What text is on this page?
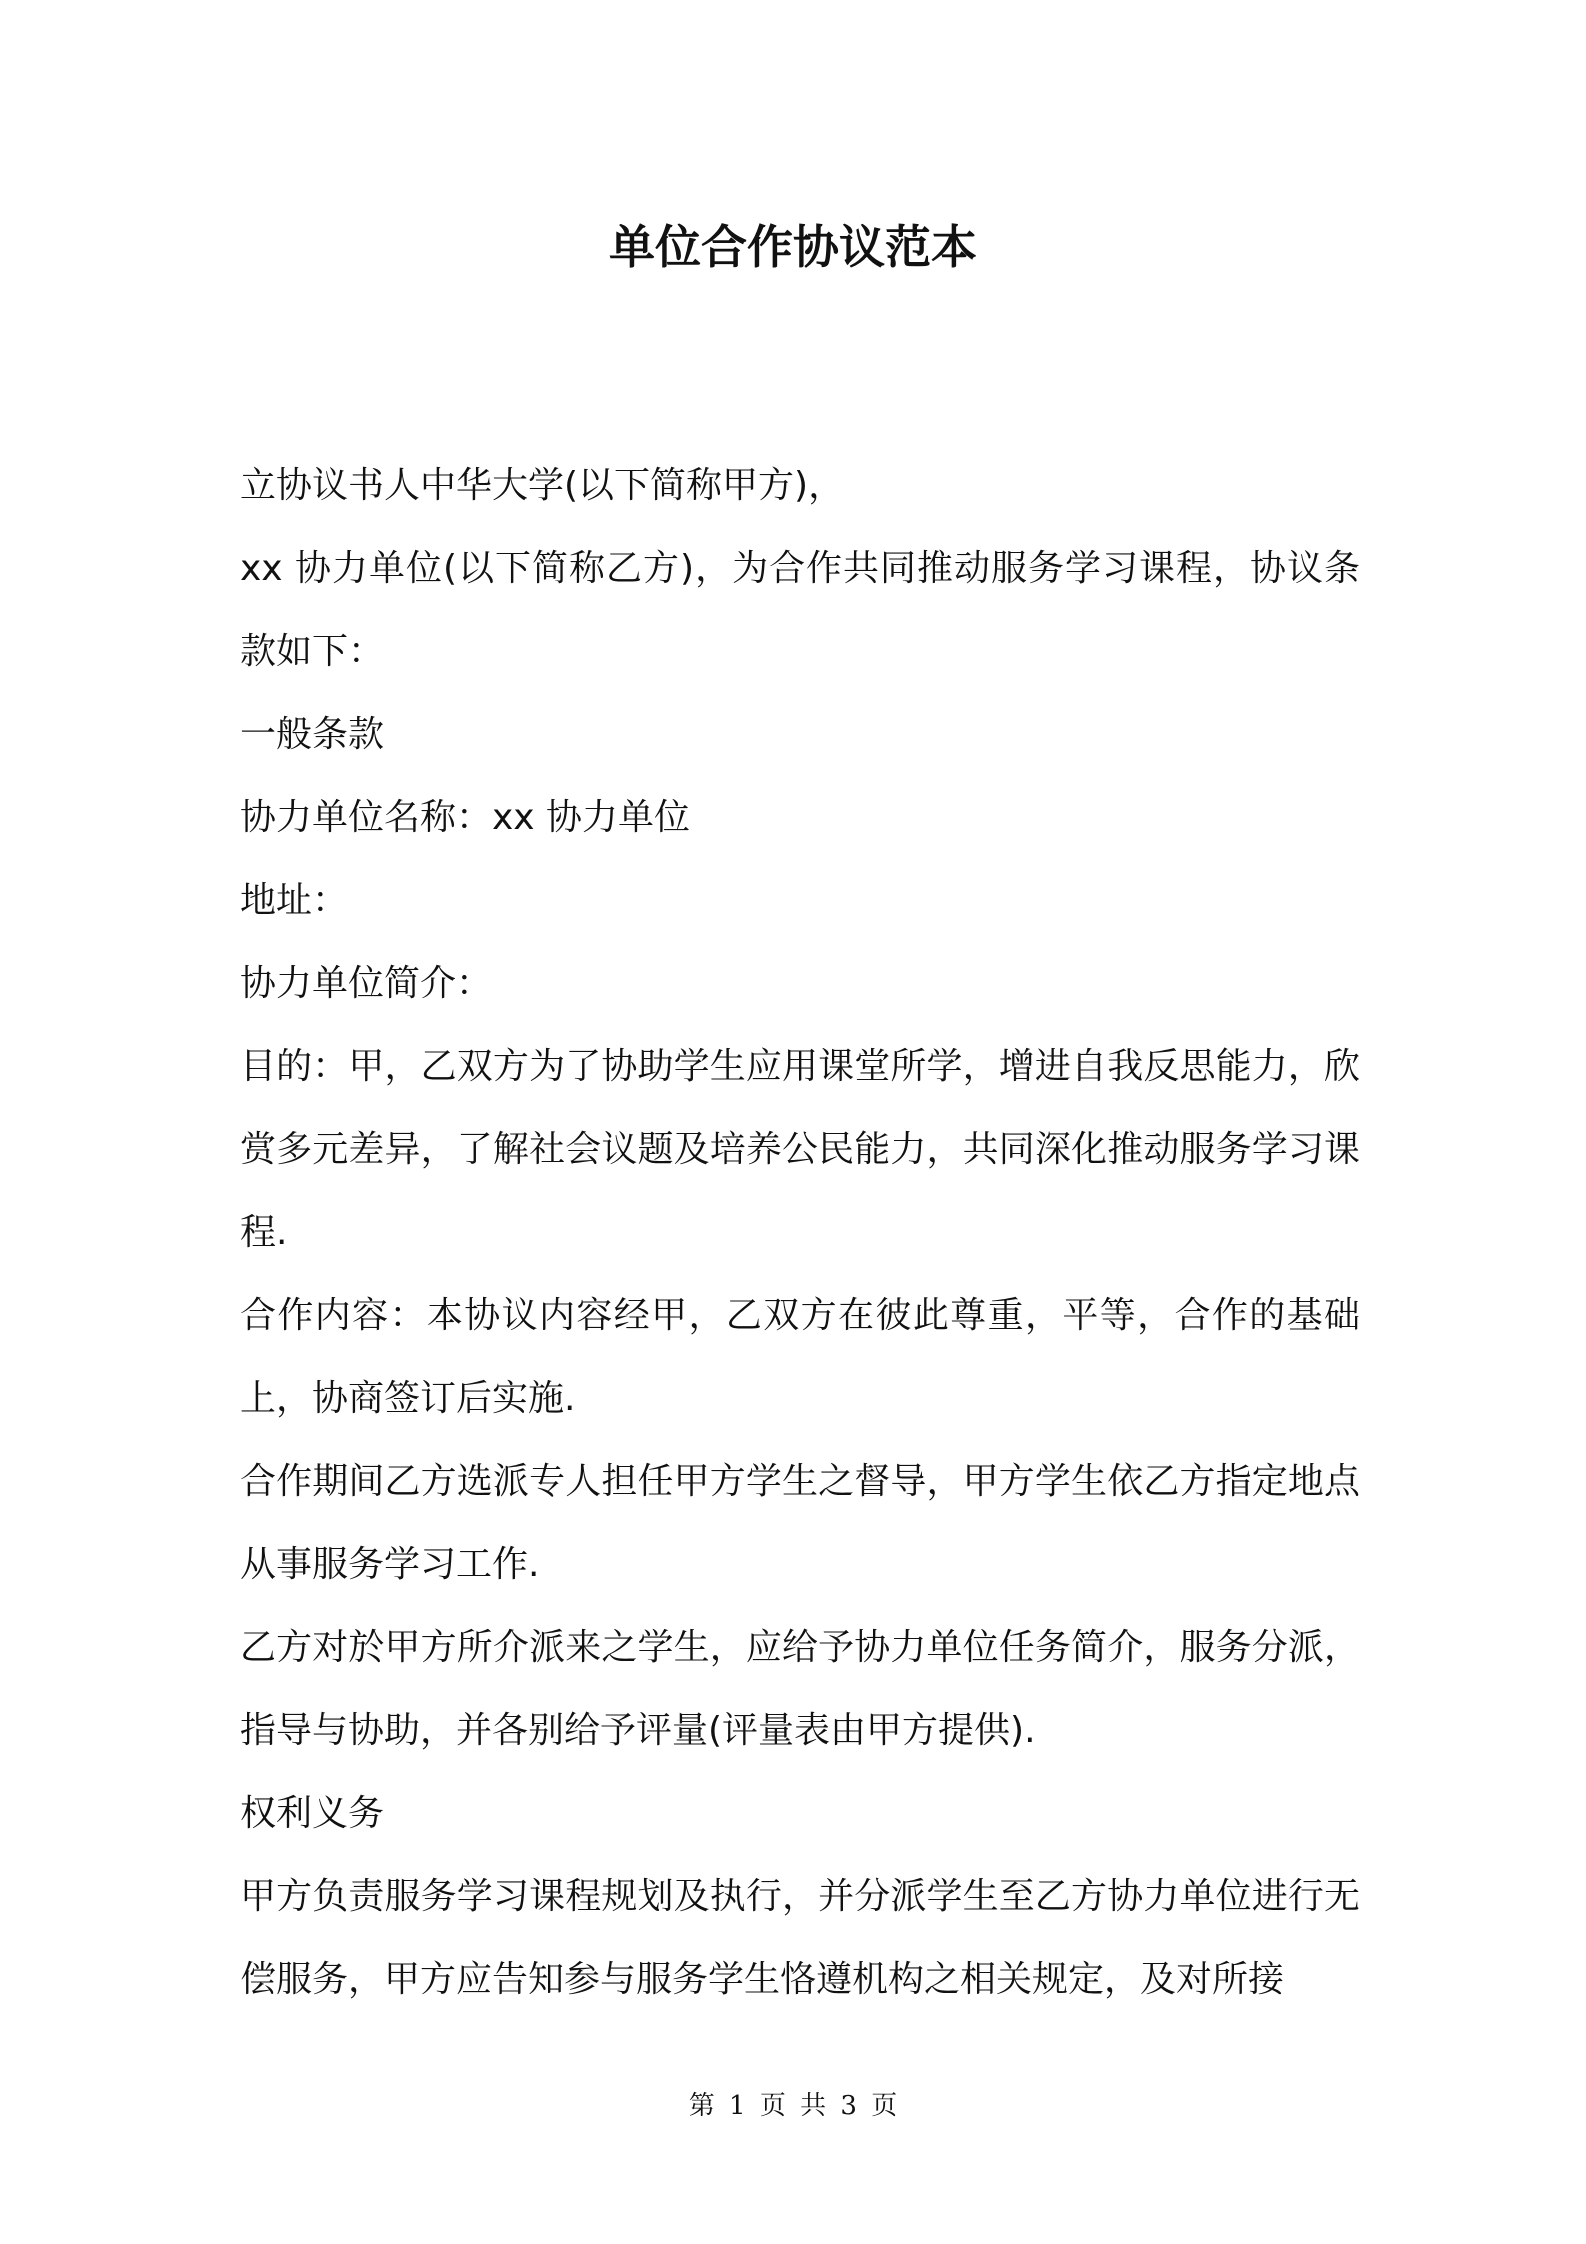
单位合作协议范本

立协议书人中华大学(以下简称甲方)，

xx 协力单位(以下简称乙方)，为合作共同推动服务学习课程，协议条款如下：

一般条款

协力单位名称：xx 协力单位

地址：

协力单位简介：

目的：甲，乙双方为了协助学生应用课堂所学，增进自我反思能力，欣赏多元差异，了解社会议题及培养公民能力，共同深化推动服务学习课程.

合作内容：本协议内容经甲，乙双方在彼此尊重，平等，合作的基础上，协商签订后实施.

合作期间乙方选派专人担任甲方学生之督导，甲方学生依乙方指定地点从事服务学习工作.

乙方对於甲方所介派来之学生，应给予协力单位任务简介，服务分派，指导与协助，并各别给予评量(评量表由甲方提供).

权利义务

甲方负责服务学习课程规划及执行，并分派学生至乙方协力单位进行无偿服务，甲方应告知参与服务学生恪遵机构之相关规定，及对所接

第 1 页 共 3 页
